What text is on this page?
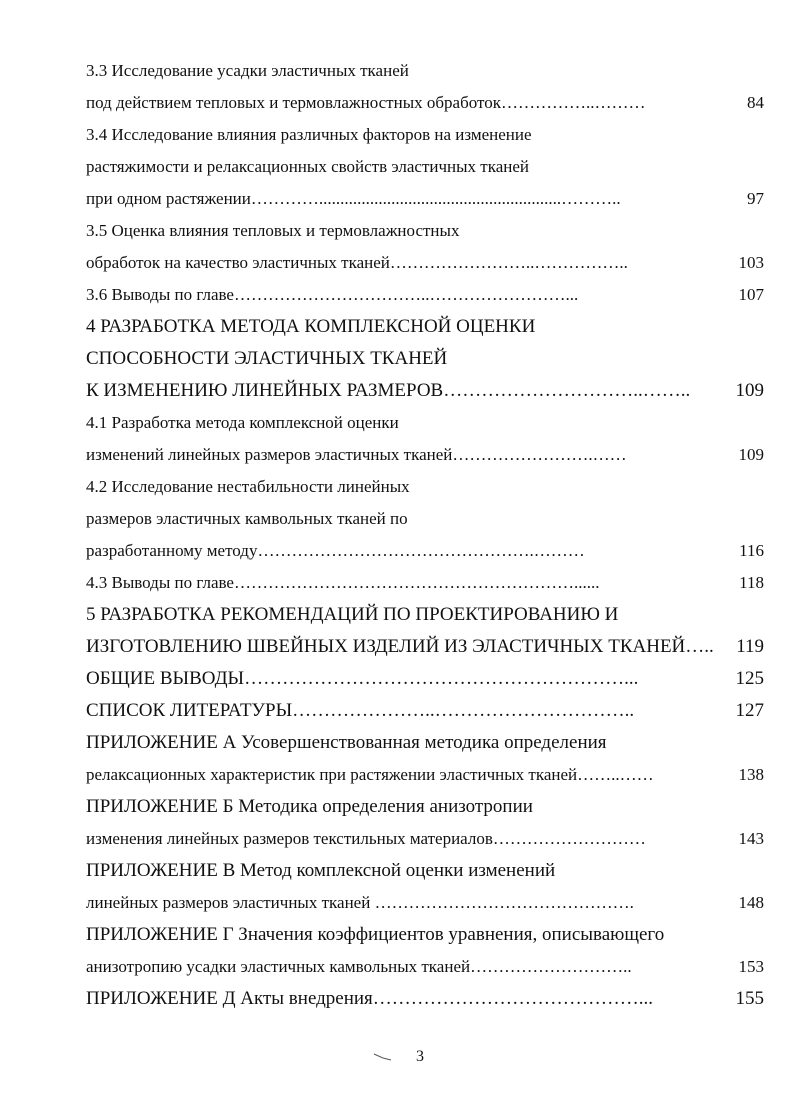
3.3 Исследование усадки эластичных тканей
под действием тепловых и термовлажностных обработок……………..………	84
3.4 Исследование влияния различных факторов на изменение
растяжимости и релаксационных свойств эластичных тканей
при одном растяжении………….........................................................………..	97
3.5 Оценка влияния тепловых и термовлажностных
обработок на качество эластичных тканей……………………..……………..	103
3.6 Выводы по главе……………………………..……………………...	107
4 РАЗРАБОТКА МЕТОДА КОМПЛЕКСНОЙ ОЦЕНКИ
СПОСОБНОСТИ ЭЛАСТИЧНЫХ ТКАНЕЙ
К ИЗМЕНЕНИЮ ЛИНЕЙНЫХ РАЗМЕРОВ…………………………..……..	109
4.1 Разработка метода комплексной оценки
изменений линейных размеров эластичных тканей…………………….……	109
4.2 Исследование нестабильности линейных
размеров эластичных камвольных тканей по
разработанному методу………………………………………….………	116
4.3 Выводы по главе……………………………………………………......	118
5 РАЗРАБОТКА РЕКОМЕНДАЦИЙ ПО ПРОЕКТИРОВАНИЮ И
ИЗГОТОВЛЕНИЮ ШВЕЙНЫХ ИЗДЕЛИЙ ИЗ ЭЛАСТИЧНЫХ ТКАНЕЙ…..	119
ОБЩИЕ ВЫВОДЫ……………………………………………………...	125
СПИСОК ЛИТЕРАТУРЫ…………………..…………………………..	127
ПРИЛОЖЕНИЕ А Усовершенствованная методика определения
релаксационных характеристик при растяжении эластичных тканей……..……	138
ПРИЛОЖЕНИЕ Б Методика определения анизотропии
изменения линейных размеров текстильных материалов………………………	143
ПРИЛОЖЕНИЕ В Метод комплексной оценки изменений
линейных размеров эластичных тканей ……………………………………….	148
ПРИЛОЖЕНИЕ Г Значения коэффициентов уравнения, описывающего
анизотропию усадки эластичных камвольных тканей………………………..	153
ПРИЛОЖЕНИЕ Д Акты внедрения……………………………………...	155
3
